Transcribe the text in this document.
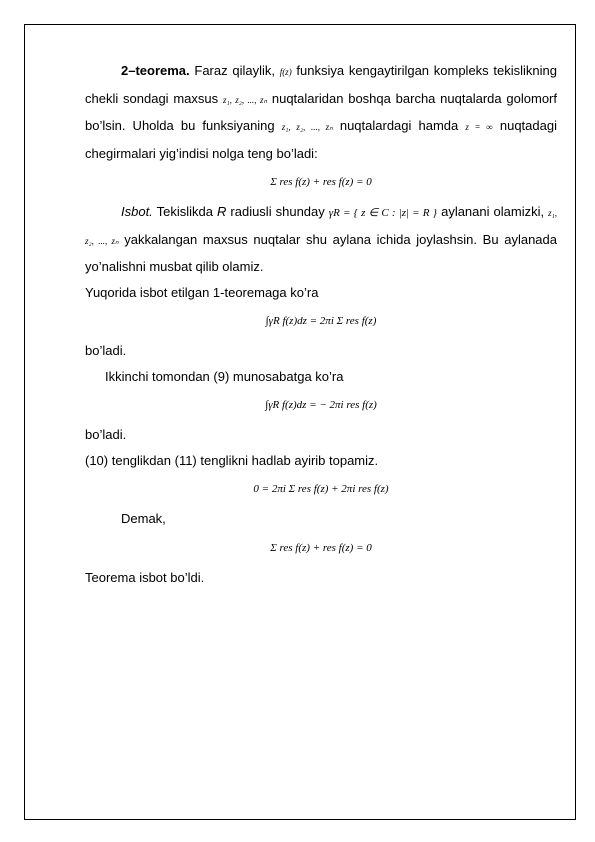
2–teorema. Faraz qilaylik, f(z) funksiya kengaytirilgan kompleks tekislikning chekli sondagi maxsus z₁, z₂, ..., zₙ nuqtalaridan boshqa barcha nuqtalarda golomorf bo’lsin. Uholda bu funksiyaning z₁, z₂, ..., zₙ nuqtalardagi hamda z = ∞ nuqtadagi chegirmalari yig’indisi nolga teng bo’ladi:

Σ res f(z) + res f(z) = 0

Isbot. Tekislikda R radiusli shunday γR = { z ∈ C : |z| = R } aylanani olamizki, z₁, z₂, ..., zₙ yakkalangan maxsus nuqtalar shu aylana ichida joylashsin. Bu aylanada yo’nalishni musbat qilib olamiz.

Yuqorida isbot etilgan 1-teoremaga ko’ra

∫γR f(z)dz = 2πi Σ res f(z)

bo’ladi.

Ikkinchi tomondan (9) munosabatga ko’ra

∫γR f(z)dz = − 2πi res f(z)

bo’ladi.

(10) tenglikdan (11) tenglikni hadlab ayirib topamiz.

0 = 2πi Σ res f(z) + 2πi res f(z)

Demak,

Σ res f(z) + res f(z) = 0

Teorema isbot bo’ldi.
